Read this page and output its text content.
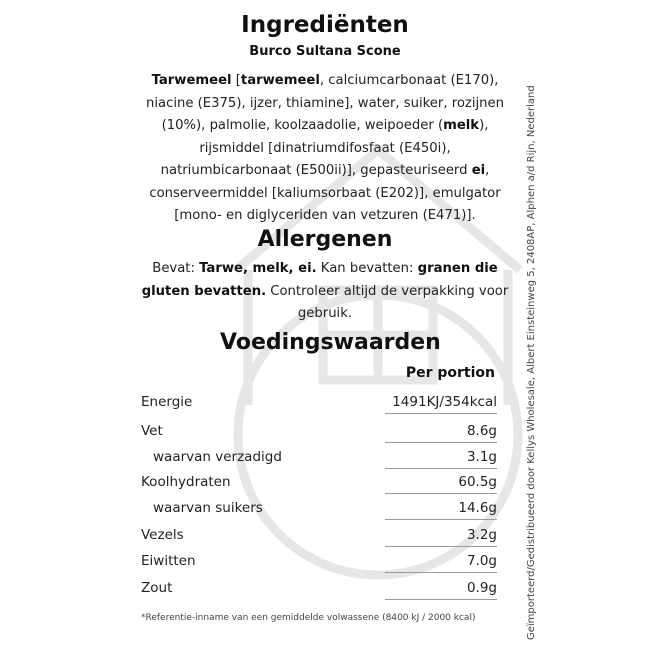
Ingrediënten
Burco Sultana Scone
Tarwemeel [tarwemeel, calciumcarbonaat (E170), niacine (E375), ijzer, thiamine], water, suiker, rozijnen (10%), palmolie, koolzaadolie, weipoeder (melk), rijsmiddel [dinatriumdifosfaat (E450i), natriumbicarbonaat (E500ii)], gepasteuriseerd ei, conserveermiddel [kaliumsorbaat (E202)], emulgator [mono- en diglyceriden van vetzuren (E471)].
Allergenen
Bevat: Tarwe, melk, ei. Kan bevatten: granen die gluten bevatten. Controleer altijd de verpakking voor gebruik.
Voedingswaarden
Per portion
Energie	1491KJ/354kcal
Vet	8.6g
waarvan verzadigd	3.1g
Koolhydraten	60.5g
waarvan suikers	14.6g
Vezels	3.2g
Eiwitten	7.0g
Zout	0.9g
*Referentie-inname van een gemiddelde volwassene (8400 kJ / 2000 kcal)	Geïmporteerd/Gedistribueerd door Kellys Wholesale, Albert Einsteinweg 5, 2408AP, Alphen a/d Rijn, Nederland
